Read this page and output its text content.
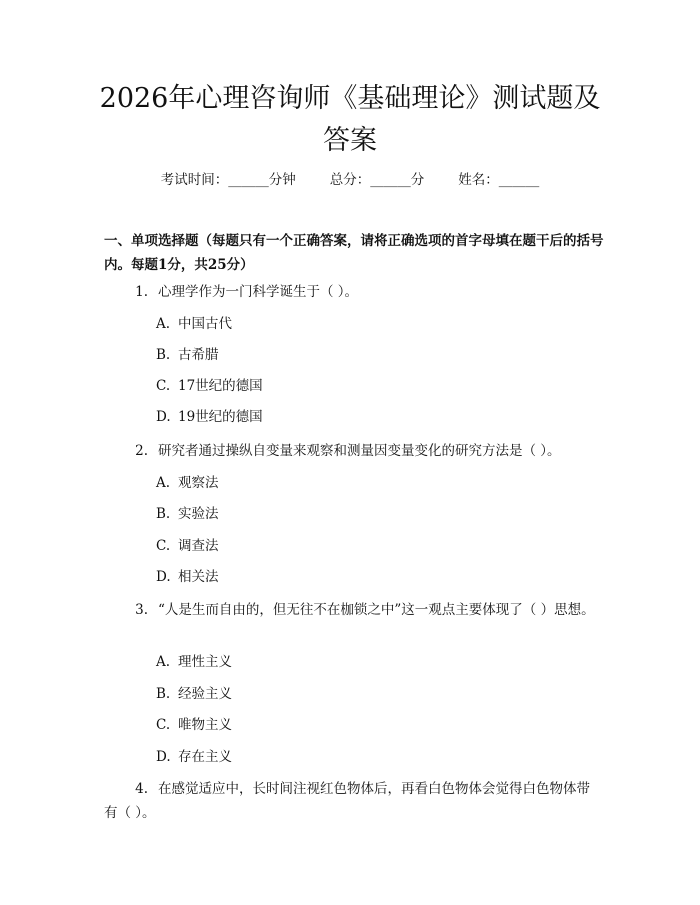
2026年心理咨询师《基础理论》测试题及答案
考试时间：______分钟	总分：______分	姓名：______
一、单项选择题（每题只有一个正确答案，请将正确选项的首字母填在题干后的括号内。每题1分，共25分）
1. 心理学作为一门科学诞生于（ ）。
A. 中国古代
B. 古希腊
C. 17世纪的德国
D. 19世纪的德国
2. 研究者通过操纵自变量来观察和测量因变量变化的研究方法是（ ）。
A. 观察法
B. 实验法
C. 调查法
D. 相关法
3. “人是生而自由的，但无往不在枷锁之中”这一观点主要体现了（ ）思想。
A. 理性主义
B. 经验主义
C. 唯物主义
D. 存在主义
4. 在感觉适应中，长时间注视红色物体后，再看白色物体会觉得白色物体带有（ ）。
